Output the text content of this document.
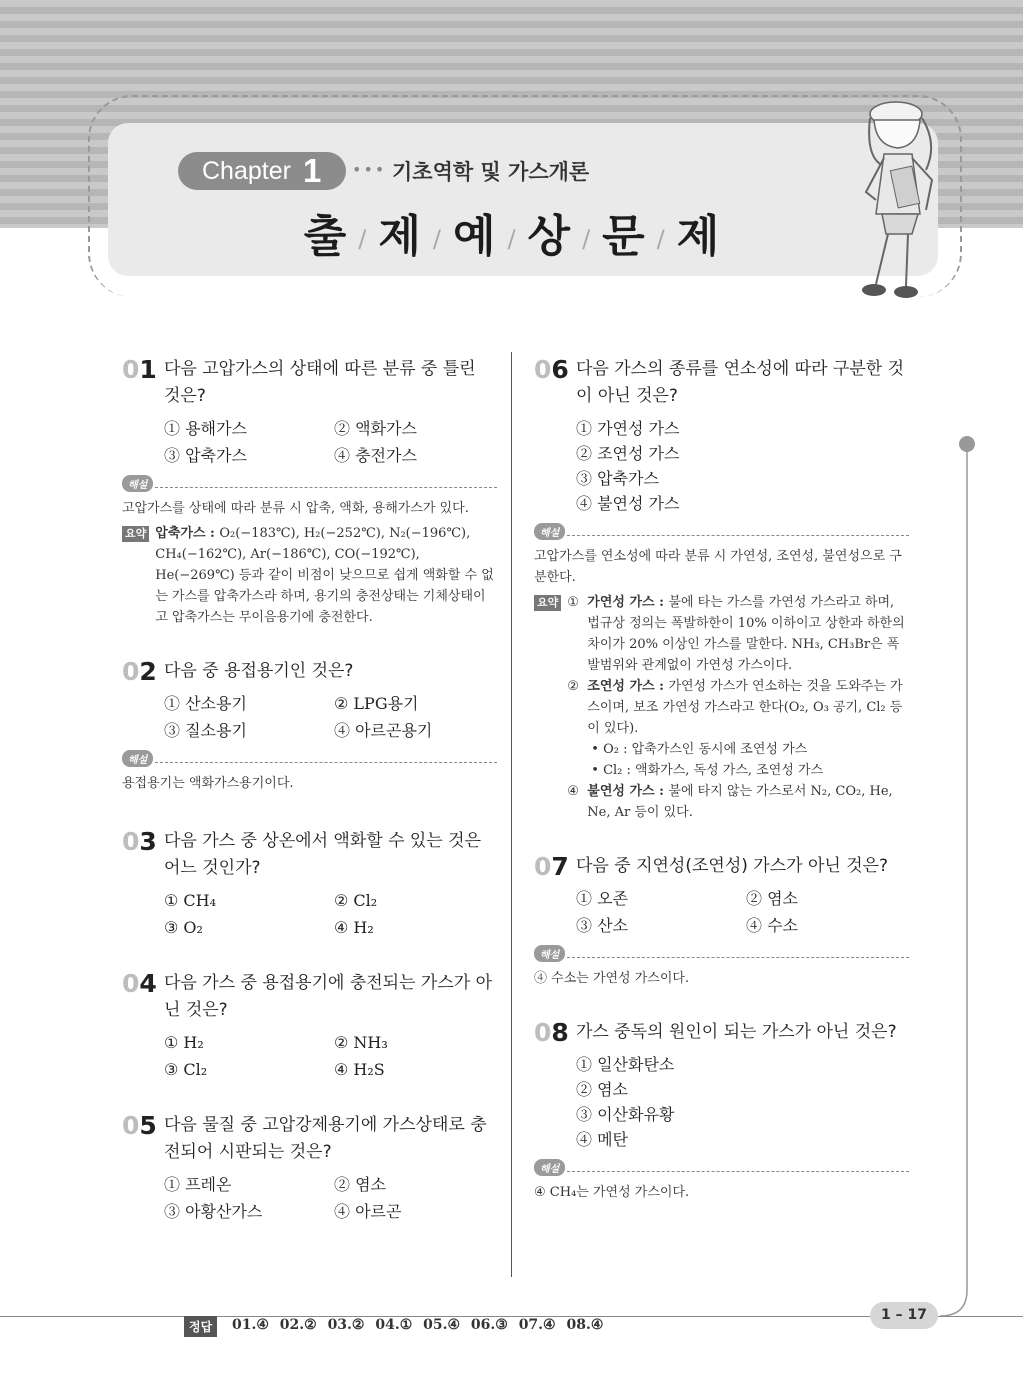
Chapter 1 ••• 기초역학 및 가스개론
출 / 제 / 예 / 상 / 문 / 제
01 다음 고압가스의 상태에 따른 분류 중 틀린 것은?
① 용해가스	② 액화가스
③ 압축가스	④ 충전가스
해설
고압가스를 상태에 따라 분류 시 압축, 액화, 용해가스가 있다.
요약 압축가스 : O₂(−183℃), H₂(−252℃), N₂(−196℃), CH₄(−162℃), Ar(−186℃), CO(−192℃), He(−269℃) 등과 같이 비점이 낮으므로 쉽게 액화할 수 없는 가스를 압축가스라 하며, 용기의 충전상태는 기체상태이고 압축가스는 무이음용기에 충전한다.
02 다음 중 용접용기인 것은?
① 산소용기	② LPG용기
③ 질소용기	④ 아르곤용기
해설
용접용기는 액화가스용기이다.
03 다음 가스 중 상온에서 액화할 수 있는 것은 어느 것인가?
① CH₄	② Cl₂
③ O₂	④ H₂
04 다음 가스 중 용접용기에 충전되는 가스가 아닌 것은?
① H₂	② NH₃
③ Cl₂	④ H₂S
05 다음 물질 중 고압강제용기에 가스상태로 충전되어 시판되는 것은?
① 프레온	② 염소
③ 아황산가스	④ 아르곤
06 다음 가스의 종류를 연소성에 따라 구분한 것이 아닌 것은?
① 가연성 가스
② 조연성 가스
③ 압축가스
④ 불연성 가스
해설
고압가스를 연소성에 따라 분류 시 가연성, 조연성, 불연성으로 구분한다.
요약 ① 가연성 가스 : 불에 타는 가스를 가연성 가스라고 하며, 법규상 정의는 폭발하한이 10% 이하이고 상한과 하한의 차이가 20% 이상인 가스를 말한다. NH₃, CH₃Br은 폭발범위와 관계없이 가연성 가스이다.
② 조연성 가스 : 가연성 가스가 연소하는 것을 도와주는 가스이며, 보조 가연성 가스라고 한다(O₂, O₃ 공기, Cl₂ 등이 있다).
• O₂ : 압축가스인 동시에 조연성 가스
• Cl₂ : 액화가스, 독성 가스, 조연성 가스
④ 불연성 가스 : 불에 타지 않는 가스로서 N₂, CO₂, He, Ne, Ar 등이 있다.
07 다음 중 지연성(조연성) 가스가 아닌 것은?
① 오존	② 염소
③ 산소	④ 수소
해설
④ 수소는 가연성 가스이다.
08 가스 중독의 원인이 되는 가스가 아닌 것은?
① 일산화탄소
② 염소
③ 이산화유황
④ 메탄
해설
④ CH₄는 가연성 가스이다.
정답	01.④ 02.② 03.② 04.① 05.④ 06.③ 07.④ 08.④
1 – 17
